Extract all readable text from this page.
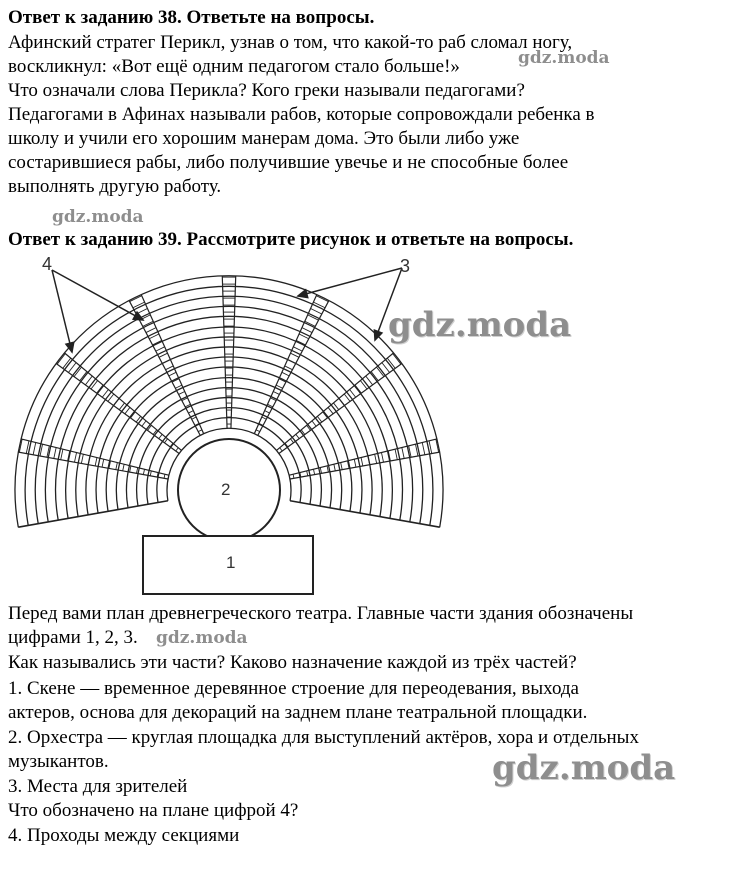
Ответ к заданию 38. Ответьте на вопросы.
Афинский стратег Перикл, узнав о том, что какой-то раб сломал ногу,
воскликнул: «Вот ещё одним педагогом стало больше!»
Что означали слова Перикла? Кого греки называли педагогами?
Педагогами в Афинах называли рабов, которые сопровождали ребенка в
школу и учили его хорошим манерам дома. Это были либо уже
состарившиеся рабы, либо получившие увечье и не способные более
выполнять другую работу.
Ответ к заданию 39. Рассмотрите рисунок и ответьте на вопросы.
1
2
3
4
Перед вами план древнегреческого театра. Главные части здания обозначены
цифрами 1, 2, 3.
Как назывались эти части? Каково назначение каждой из трёх частей?
1. Скене — временное деревянное строение для переодевания, выхода
актеров, основа для декораций на заднем плане театральной площадки.
2. Орхестра — круглая площадка для выступлений актёров, хора и отдельных
музыкантов.
3. Места для зрителей
Что обозначено на плане цифрой 4?
4. Проходы между секциями
gdz.moda
gdz.moda
gdz.moda
gdz.moda
gdz.moda
